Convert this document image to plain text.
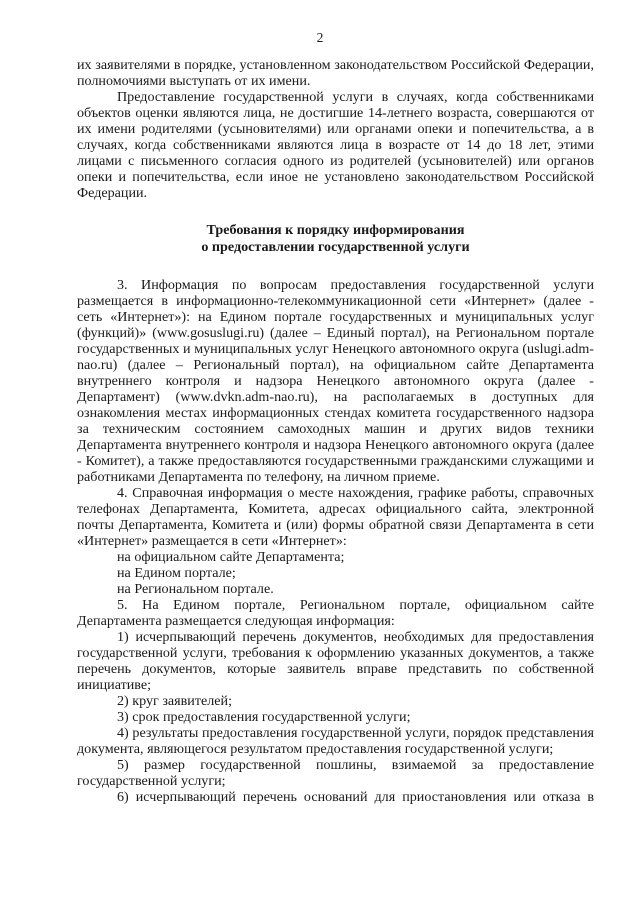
2

их заявителями в порядке, установленном законодательством Российской Федерации, полномочиями выступать от их имени.

Предоставление государственной услуги в случаях, когда собственниками объектов оценки являются лица, не достигшие 14-летнего возраста, совершаются от их имени родителями (усыновителями) или органами опеки и попечительства, а в случаях, когда собственниками являются лица в возрасте от 14 до 18 лет, этими лицами с письменного согласия одного из родителей (усыновителей) или органов опеки и попечительства, если иное не установлено законодательством Российской Федерации.

Требования к порядку информирования
о предоставлении государственной услуги

3. Информация по вопросам предоставления государственной услуги размещается в информационно-телекоммуникационной сети «Интернет» (далее - сеть «Интернет»): на Едином портале государственных и муниципальных услуг (функций)» (www.gosuslugi.ru) (далее – Единый портал), на Региональном портале государственных и муниципальных услуг Ненецкого автономного округа (uslugi.adm-nao.ru) (далее – Региональный портал), на официальном сайте Департамента внутреннего контроля и надзора Ненецкого автономного округа (далее - Департамент) (www.dvkn.adm-nao.ru), на располагаемых в доступных для ознакомления местах информационных стендах комитета государственного надзора за техническим состоянием самоходных машин и других видов техники Департамента внутреннего контроля и надзора Ненецкого автономного округа (далее - Комитет), а также предоставляются государственными гражданскими служащими и работниками Департамента по телефону, на личном приеме.

4. Справочная информация о месте нахождения, графике работы, справочных телефонах Департамента, Комитета, адресах официального сайта, электронной почты Департамента, Комитета и (или) формы обратной связи Департамента в сети «Интернет» размещается в сети «Интернет»:

на официальном сайте Департамента;

на Едином портале;

на Региональном портале.

5. На Едином портале, Региональном портале, официальном сайте Департамента размещается следующая информация:

1) исчерпывающий перечень документов, необходимых для предоставления государственной услуги, требования к оформлению указанных документов, а также перечень документов, которые заявитель вправе представить по собственной инициативе;

2) круг заявителей;

3) срок предоставления государственной услуги;

4) результаты предоставления государственной услуги, порядок представления документа, являющегося результатом предоставления государственной услуги;

5) размер государственной пошлины, взимаемой за предоставление государственной услуги;

6) исчерпывающий перечень оснований для приостановления или отказа в
